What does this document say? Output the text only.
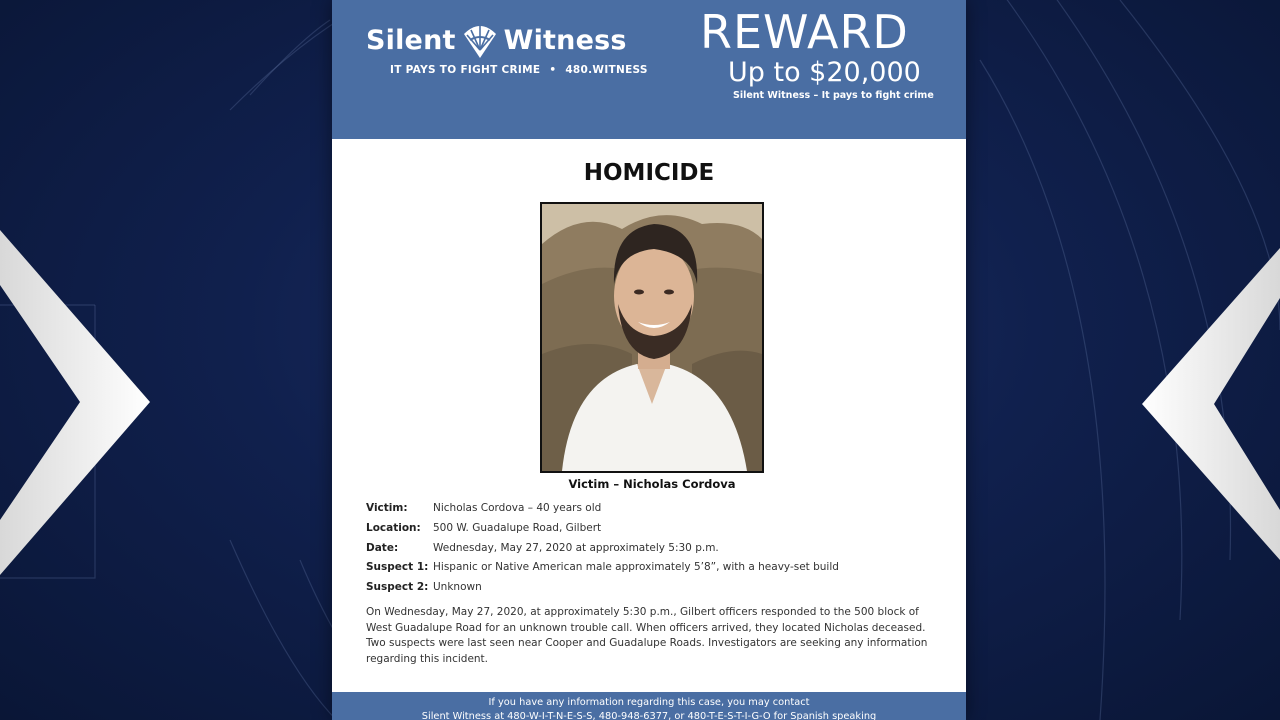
Silent Witness
IT PAYS TO FIGHT CRIME • 480.WITNESS
REWARD
Up to $20,000
Silent Witness – It pays to fight crime
HOMICIDE
Victim – Nicholas Cordova
Victim:	Nicholas Cordova – 40 years old
Location:	500 W. Guadalupe Road, Gilbert
Date:	Wednesday, May 27, 2020 at approximately 5:30 p.m.
Suspect 1: Hispanic or Native American male approximately 5’8”, with a heavy-set build
Suspect 2: Unknown
On Wednesday, May 27, 2020, at approximately 5:30 p.m., Gilbert officers responded to the 500 block of West Guadalupe Road for an unknown trouble call. When officers arrived, they located Nicholas deceased. Two suspects were last seen near Cooper and Guadalupe Roads. Investigators are seeking any information regarding this incident.
If you have any information regarding this case, you may contact
Silent Witness at 480-W-I-T-N-E-S-S, 480-948-6377, or 480-T-E-S-T-I-G-O for Spanish speaking
